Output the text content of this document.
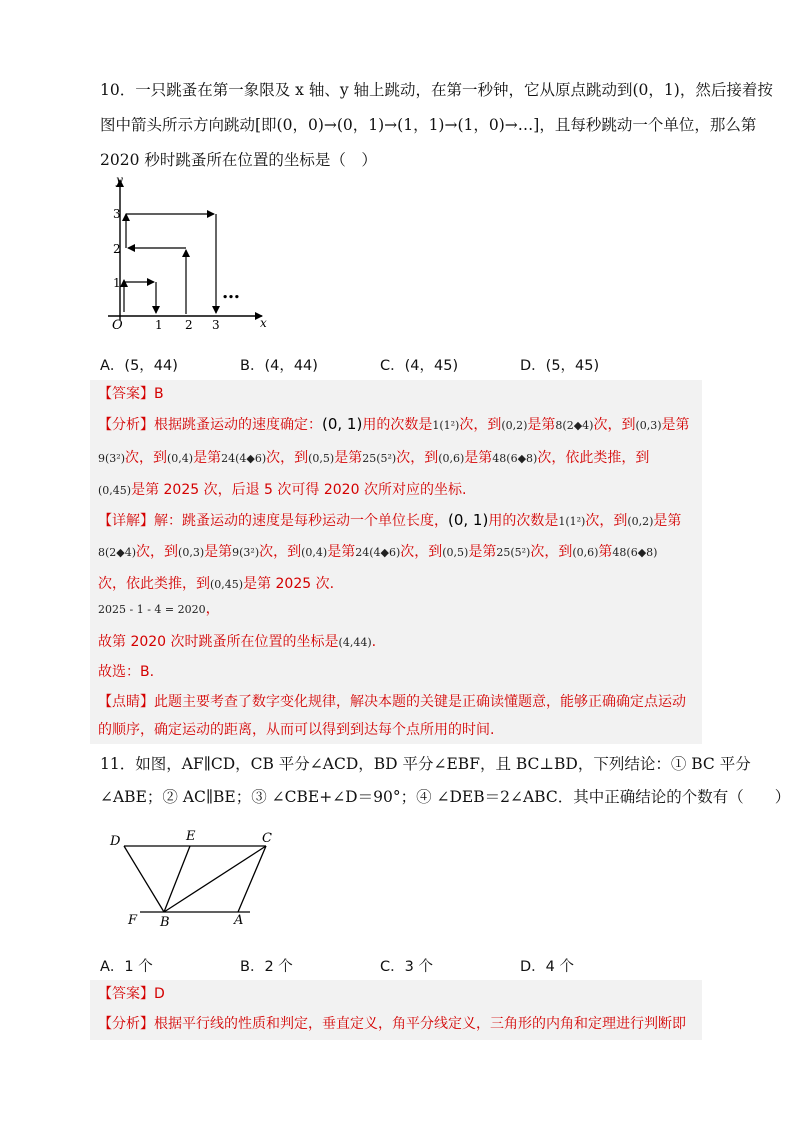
10．一只跳蚤在第一象限及 x 轴、y 轴上跳动，在第一秒钟，它从原点跳动到(0，1)，然后接着按
图中箭头所示方向跳动[即(0，0)→(0，1)→(1，1)→(1，0)→…]，且每秒跳动一个单位，那么第
2020 秒时跳蚤所在位置的坐标是（　）
y
x
O
1
2
3
1 2 3
…
A．(5，44)	B．(4，44)	C．(4，45)	D．(5，45)
【答案】B
【分析】根据跳蚤运动的速度确定：(0, 1)用的次数是1(1²)次，到(0,2)是第8(2◆4)次，到(0,3)是第
9(3²)次，到(0,4)是第24(4◆6)次，到(0,5)是第25(5²)次，到(0,6)是第48(6◆8)次，依此类推，到
(0,45)是第 2025 次，后退 5 次可得 2020 次所对应的坐标.
【详解】解：跳蚤运动的速度是每秒运动一个单位长度，(0, 1)用的次数是1(1²)次，到(0,2)是第
8(2◆4)次，到(0,3)是第9(3²)次，到(0,4)是第24(4◆6)次，到(0,5)是第25(5²)次，到(0,6)第48(6◆8)
次，依此类推，到(0,45)是第 2025 次.
2025 - 1 - 4 = 2020，
故第 2020 次时跳蚤所在位置的坐标是(4,44).
故选：B.
【点睛】此题主要考查了数字变化规律，解决本题的关键是正确读懂题意，能够正确确定点运动
的顺序，确定运动的距离，从而可以得到到达每个点所用的时间.
11．如图，AF∥CD，CB 平分∠ACD，BD 平分∠EBF，且 BC⊥BD，下列结论：① BC 平分
∠ABE；② AC∥BE；③ ∠CBE+∠D＝90°；④ ∠DEB＝2∠ABC．其中正确结论的个数有（　　）
D	E	C
F B	A
A．1 个	B．2 个	C．3 个	D．4 个
【答案】D
【分析】根据平行线的性质和判定，垂直定义，角平分线定义，三角形的内角和定理进行判断即
